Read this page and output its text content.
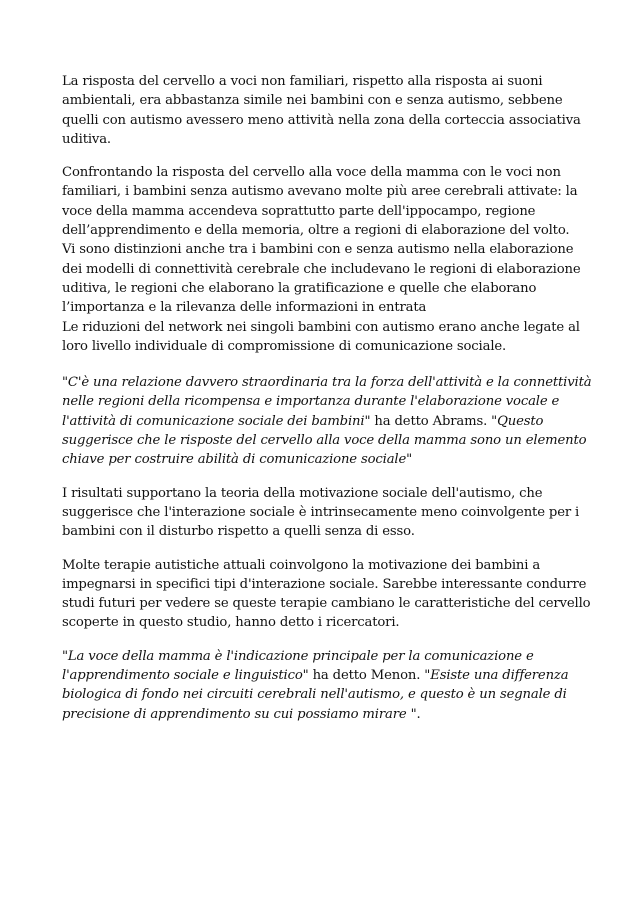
La risposta del cervello a voci non familiari, rispetto alla risposta ai suoni
ambientali, era abbastanza simile nei bambini con e senza autismo, sebbene
quelli con autismo avessero meno attività nella zona della corteccia associativa
uditiva.

Confrontando la risposta del cervello alla voce della mamma con le voci non
familiari, i bambini senza autismo avevano molte più aree cerebrali attivate: la
voce della mamma accendeva soprattutto parte dell'ippocampo, regione
dell’apprendimento e della memoria, oltre a regioni di elaborazione del volto.
Vi sono distinzioni anche tra i bambini con e senza autismo nella elaborazione
dei modelli di connettività cerebrale che includevano le regioni di elaborazione
uditiva, le regioni che elaborano la gratificazione e quelle che elaborano
l’importanza e la rilevanza delle informazioni in entrata
Le riduzioni del network nei singoli bambini con autismo erano anche legate al
loro livello individuale di compromissione di comunicazione sociale.

"C'è una relazione davvero straordinaria tra la forza dell'attività e la connettività
nelle regioni della ricompensa e importanza durante l'elaborazione vocale e
l'attività di comunicazione sociale dei bambini" ha detto Abrams. "Questo
suggerisce che le risposte del cervello alla voce della mamma sono un elemento
chiave per costruire abilità di comunicazione sociale"

I risultati supportano la teoria della motivazione sociale dell'autismo, che
suggerisce che l'interazione sociale è intrinsecamente meno coinvolgente per i
bambini con il disturbo rispetto a quelli senza di esso.

Molte terapie autistiche attuali coinvolgono la motivazione dei bambini a
impegnarsi in specifici tipi d'interazione sociale. Sarebbe interessante condurre
studi futuri per vedere se queste terapie cambiano le caratteristiche del cervello
scoperte in questo studio, hanno detto i ricercatori.

"La voce della mamma è l'indicazione principale per la comunicazione e
l'apprendimento sociale e linguistico" ha detto Menon. "Esiste una differenza
biologica di fondo nei circuiti cerebrali nell'autismo, e questo è un segnale di
precisione di apprendimento su cui possiamo mirare ".
